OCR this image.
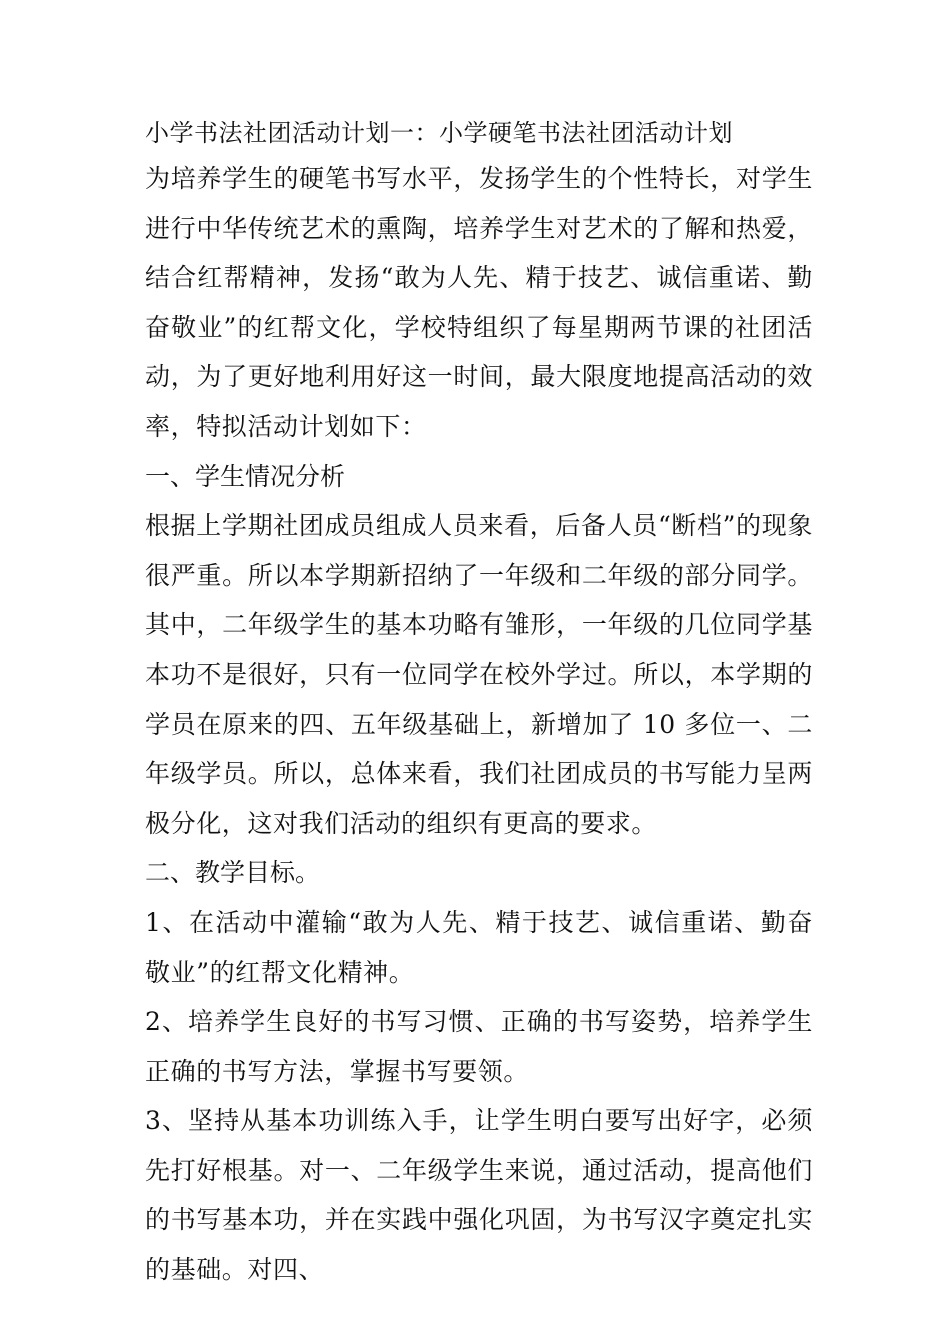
小学书法社团活动计划一：小学硬笔书法社团活动计划

为培养学生的硬笔书写水平，发扬学生的个性特长，对学生进行中华传统艺术的熏陶，培养学生对艺术的了解和热爱，结合红帮精神，发扬“敢为人先、精于技艺、诚信重诺、勤奋敬业”的红帮文化，学校特组织了每星期两节课的社团活动，为了更好地利用好这一时间，最大限度地提高活动的效率，特拟活动计划如下：

一、学生情况分析

根据上学期社团成员组成人员来看，后备人员“断档”的现象很严重。所以本学期新招纳了一年级和二年级的部分同学。其中，二年级学生的基本功略有雏形，一年级的几位同学基本功不是很好，只有一位同学在校外学过。所以，本学期的学员在原来的四、五年级基础上，新增加了 10 多位一、二年级学员。所以，总体来看，我们社团成员的书写能力呈两极分化，这对我们活动的组织有更高的要求。

二、教学目标。

1、在活动中灌输“敢为人先、精于技艺、诚信重诺、勤奋敬业”的红帮文化精神。

2、培养学生良好的书写习惯、正确的书写姿势，培养学生正确的书写方法，掌握书写要领。

3、坚持从基本功训练入手，让学生明白要写出好字，必须先打好根基。对一、二年级学生来说，通过活动，提高他们的书写基本功，并在实践中强化巩固，为书写汉字奠定扎实的基础。对四、
